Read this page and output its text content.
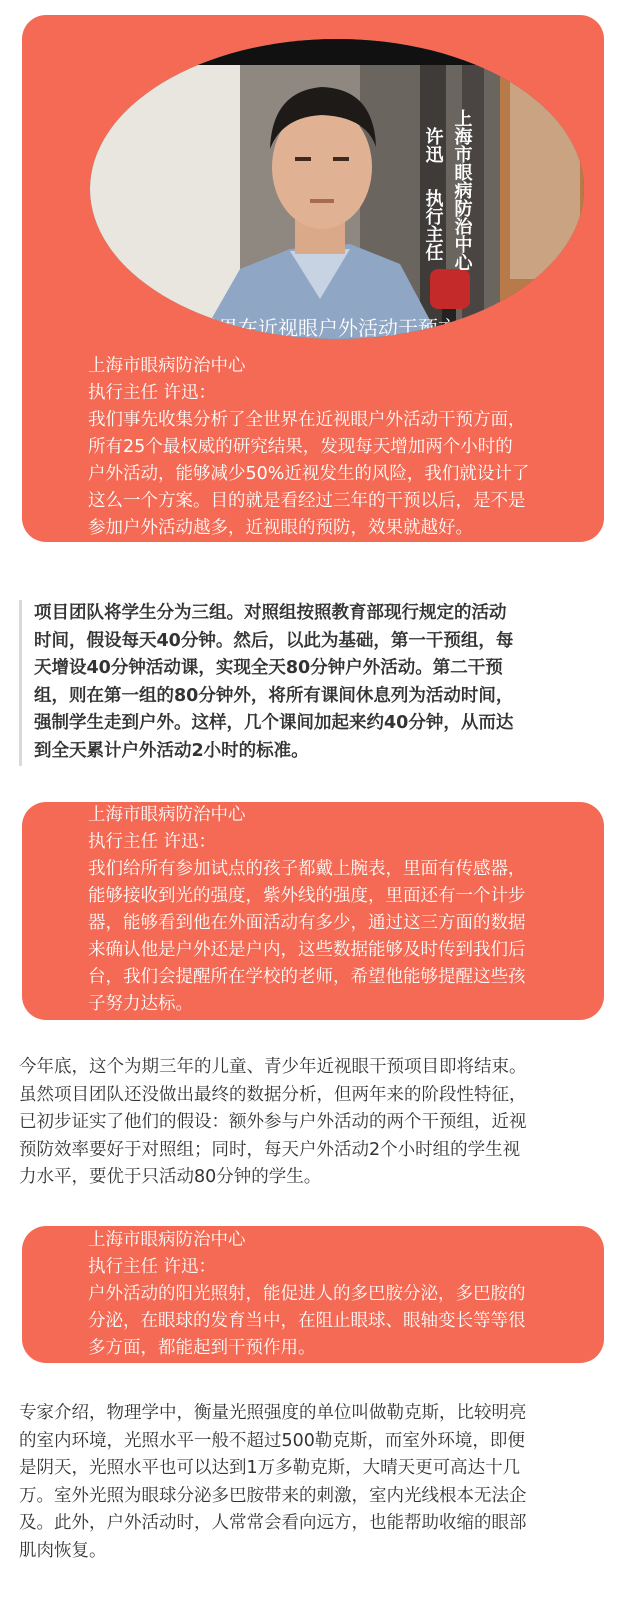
上海市眼病防治中心
许迅
执行主任
世界在近视眼户外活动干预方
上海市眼病防治中心
执行主任 许迅：
我们事先收集分析了全世界在近视眼户外活动干预方面，
所有25个最权威的研究结果，发现每天增加两个小时的
户外活动，能够减少50%近视发生的风险，我们就设计了
这么一个方案。目的就是看经过三年的干预以后，是不是
参加户外活动越多，近视眼的预防，效果就越好。
项目团队将学生分为三组。对照组按照教育部现行规定的活动
时间，假设每天40分钟。然后，以此为基础，第一干预组，每
天增设40分钟活动课，实现全天80分钟户外活动。第二干预
组，则在第一组的80分钟外，将所有课间休息列为活动时间，
强制学生走到户外。这样，几个课间加起来约40分钟，从而达
到全天累计户外活动2小时的标准。
上海市眼病防治中心
执行主任 许迅：
我们给所有参加试点的孩子都戴上腕表，里面有传感器，
能够接收到光的强度，紫外线的强度，里面还有一个计步
器，能够看到他在外面活动有多少，通过这三方面的数据
来确认他是户外还是户内，这些数据能够及时传到我们后
台，我们会提醒所在学校的老师，希望他能够提醒这些孩
子努力达标。
今年底，这个为期三年的儿童、青少年近视眼干预项目即将结束。
虽然项目团队还没做出最终的数据分析，但两年来的阶段性特征，
已初步证实了他们的假设：额外参与户外活动的两个干预组，近视
预防效率要好于对照组；同时，每天户外活动2个小时组的学生视
力水平，要优于只活动80分钟的学生。
上海市眼病防治中心
执行主任 许迅：
户外活动的阳光照射，能促进人的多巴胺分泌，多巴胺的
分泌，在眼球的发育当中，在阻止眼球、眼轴变长等等很
多方面，都能起到干预作用。
专家介绍，物理学中，衡量光照强度的单位叫做勒克斯，比较明亮
的室内环境，光照水平一般不超过500勒克斯，而室外环境，即便
是阴天，光照水平也可以达到1万多勒克斯，大晴天更可高达十几
万。室外光照为眼球分泌多巴胺带来的刺激，室内光线根本无法企
及。此外，户外活动时，人常常会看向远方，也能帮助收缩的眼部
肌肉恢复。
